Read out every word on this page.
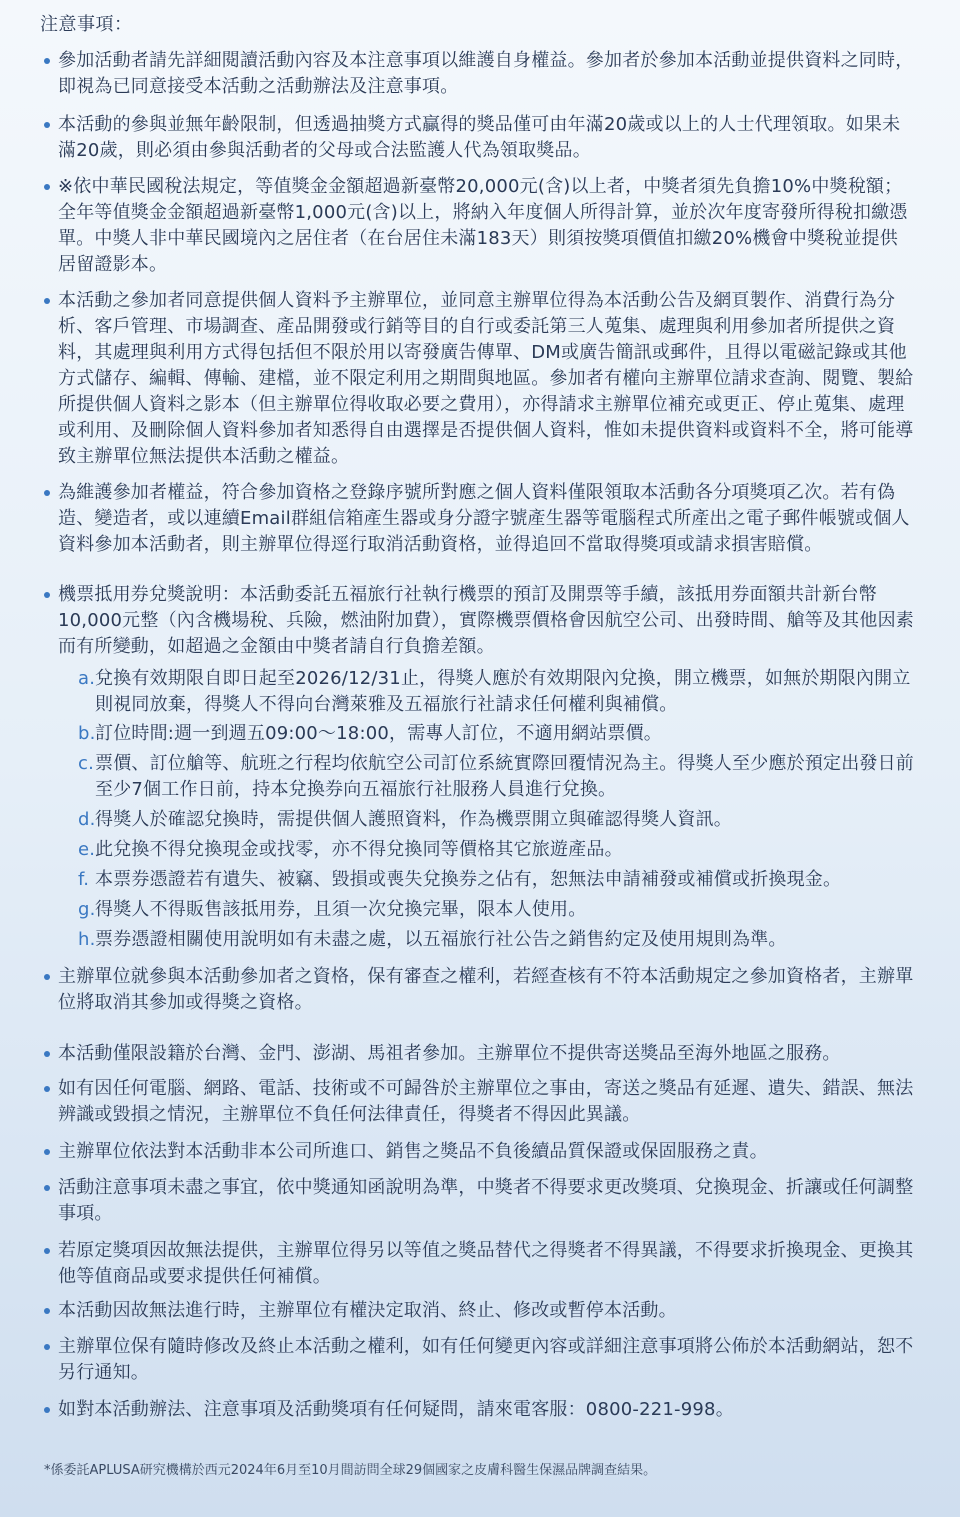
注意事項：
參加活動者請先詳細閱讀活動內容及本注意事項以維護自身權益。參加者於參加本活動並提供資料之同時，即視為已同意接受本活動之活動辦法及注意事項。
本活動的參與並無年齡限制，但透過抽獎方式贏得的獎品僅可由年滿20歲或以上的人士代理領取。如果未滿20歲，則必須由參與活動者的父母或合法監護人代為領取獎品。
※依中華民國稅法規定，等值獎金金額超過新臺幣20,000元(含)以上者，中獎者須先負擔10%中獎稅額；全年等值獎金金額超過新臺幣1,000元(含)以上，將納入年度個人所得計算，並於次年度寄發所得稅扣繳憑單。中獎人非中華民國境內之居住者（在台居住未滿183天）則須按獎項價值扣繳20%機會中獎稅並提供居留證影本。
本活動之參加者同意提供個人資料予主辦單位，並同意主辦單位得為本活動公告及網頁製作、消費行為分析、客戶管理、市場調查、產品開發或行銷等目的自行或委託第三人蒐集、處理與利用參加者所提供之資料，其處理與利用方式得包括但不限於用以寄發廣告傳單、DM或廣告簡訊或郵件，且得以電磁記錄或其他方式儲存、編輯、傳輸、建檔，並不限定利用之期間與地區。參加者有權向主辦單位請求查詢、閱覽、製給所提供個人資料之影本（但主辦單位得收取必要之費用），亦得請求主辦單位補充或更正、停止蒐集、處理或利用、及刪除個人資料參加者知悉得自由選擇是否提供個人資料，惟如未提供資料或資料不全，將可能導致主辦單位無法提供本活動之權益。
為維護參加者權益，符合參加資格之登錄序號所對應之個人資料僅限領取本活動各分項獎項乙次。若有偽造、變造者，或以連續Email群組信箱產生器或身分證字號產生器等電腦程式所產出之電子郵件帳號或個人資料參加本活動者，則主辦單位得逕行取消活動資格，並得追回不當取得獎項或請求損害賠償。
機票抵用券兌獎說明：本活動委託五福旅行社執行機票的預訂及開票等手續，該抵用券面額共計新台幣10,000元整（內含機場稅、兵險，燃油附加費），實際機票價格會因航空公司、出發時間、艙等及其他因素而有所變動，如超過之金額由中獎者請自行負擔差額。
a. 兌換有效期限自即日起至2026/12/31止，得獎人應於有效期限內兌換，開立機票，如無於期限內開立則視同放棄，得獎人不得向台灣萊雅及五福旅行社請求任何權利與補償。
b. 訂位時間:週一到週五09:00～18:00，需專人訂位，不適用網站票價。
c. 票價、訂位艙等、航班之行程均依航空公司訂位系統實際回覆情況為主。得獎人至少應於預定出發日前至少7個工作日前，持本兌換券向五福旅行社服務人員進行兌換。
d. 得獎人於確認兌換時，需提供個人護照資料，作為機票開立與確認得獎人資訊。
e. 此兌換不得兌換現金或找零，亦不得兌換同等價格其它旅遊產品。
f. 本票券憑證若有遺失、被竊、毀損或喪失兌換券之佔有，恕無法申請補發或補償或折換現金。
g. 得獎人不得販售該抵用券，且須一次兌換完畢，限本人使用。
h. 票券憑證相關使用說明如有未盡之處，以五福旅行社公告之銷售約定及使用規則為準。
主辦單位就參與本活動參加者之資格，保有審查之權利，若經查核有不符本活動規定之參加資格者，主辦單位將取消其參加或得獎之資格。
本活動僅限設籍於台灣、金門、澎湖、馬祖者參加。主辦單位不提供寄送獎品至海外地區之服務。
如有因任何電腦、網路、電話、技術或不可歸咎於主辦單位之事由，寄送之獎品有延遲、遺失、錯誤、無法辨識或毀損之情況，主辦單位不負任何法律責任，得獎者不得因此異議。
主辦單位依法對本活動非本公司所進口、銷售之獎品不負後續品質保證或保固服務之責。
活動注意事項未盡之事宜，依中獎通知函說明為準，中獎者不得要求更改獎項、兌換現金、折讓或任何調整事項。
若原定獎項因故無法提供，主辦單位得另以等值之獎品替代之得獎者不得異議，不得要求折換現金、更換其他等值商品或要求提供任何補償。
本活動因故無法進行時，主辦單位有權決定取消、終止、修改或暫停本活動。
主辦單位保有隨時修改及終止本活動之權利，如有任何變更內容或詳細注意事項將公佈於本活動網站，恕不另行通知。
如對本活動辦法、注意事項及活動獎項有任何疑問，請來電客服：0800-221-998。
*係委託APLUSA研究機構於西元2024年6月至10月間訪問全球29個國家之皮膚科醫生保濕品牌調查結果。
